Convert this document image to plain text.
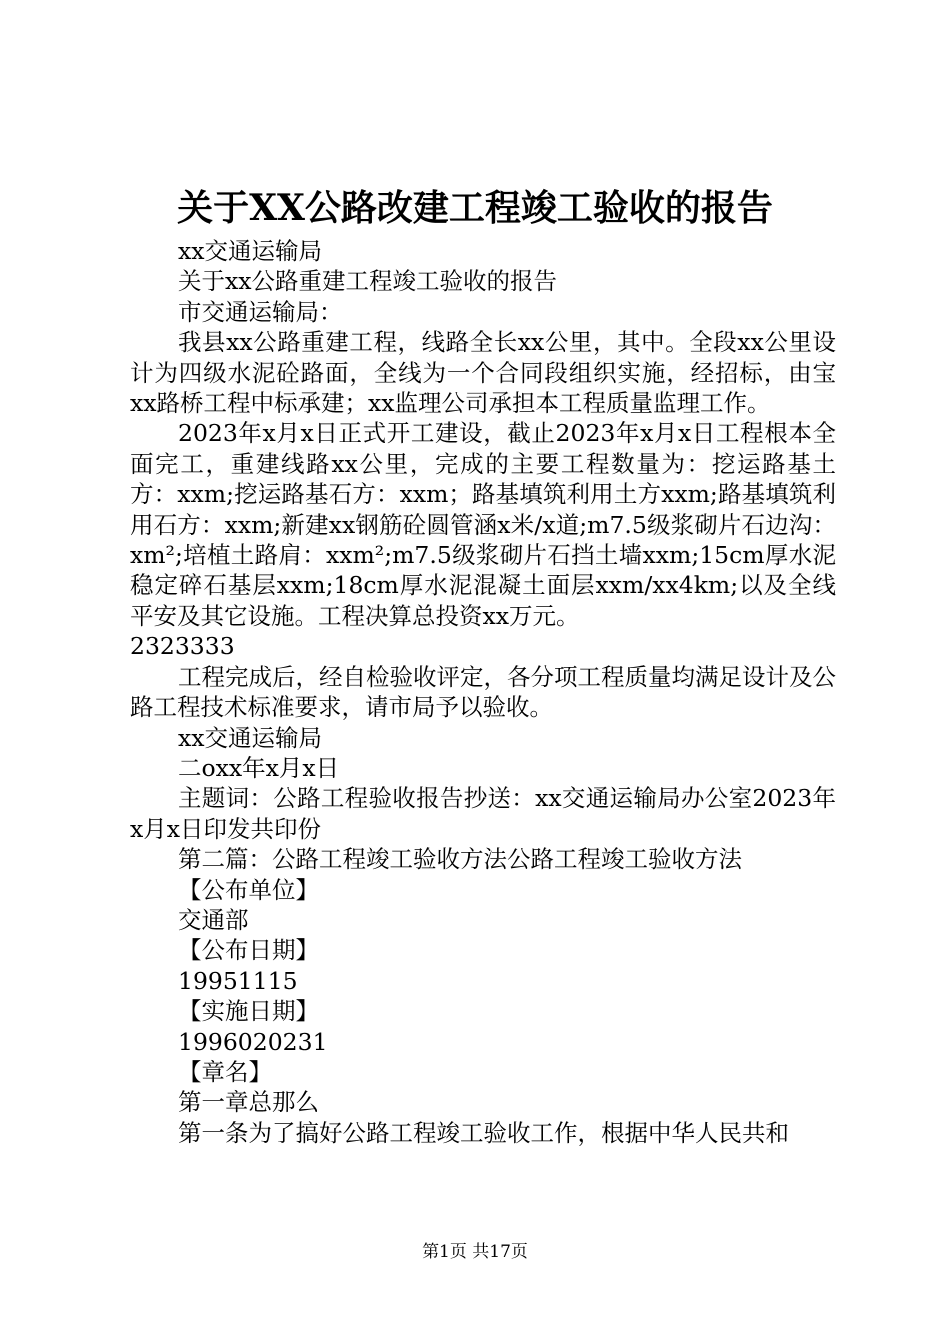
关于XX公路改建工程竣工验收的报告

xx交通运输局

关于xx公路重建工程竣工验收的报告

市交通运输局：

我县xx公路重建工程，线路全长xx公里，其中。全段xx公里设计为四级水泥砼路面，全线为一个合同段组织实施，经招标，由宝xx路桥工程中标承建；xx监理公司承担本工程质量监理工作。

2023年x月x日正式开工建设，截止2023年x月x日工程根本全面完工，重建线路xx公里，完成的主要工程数量为：挖运路基土方：xxm;挖运路基石方：xxm；路基填筑利用土方xxm;路基填筑利用石方：xxm;新建xx钢筋砼圆管涵x米/x道;m7.5级浆砌片石边沟：xm²;培植土路肩：xxm²;m7.5级浆砌片石挡土墙xxm;15cm厚水泥稳定碎石基层xxm;18cm厚水泥混凝土面层xxm/xx4km;以及全线平安及其它设施。工程决算总投资xx万元。

2323333

工程完成后，经自检验收评定，各分项工程质量均满足设计及公路工程技术标准要求，请市局予以验收。

xx交通运输局

二oxx年x月x日

主题词：公路工程验收报告抄送：xx交通运输局办公室2023年x月x日印发共印份

第二篇：公路工程竣工验收方法公路工程竣工验收方法

【公布单位】

交通部

【公布日期】

19951115

【实施日期】

1996020231

【章名】

第一章总那么

第一条为了搞好公路工程竣工验收工作，根据中华人民共和

第1页 共17页
